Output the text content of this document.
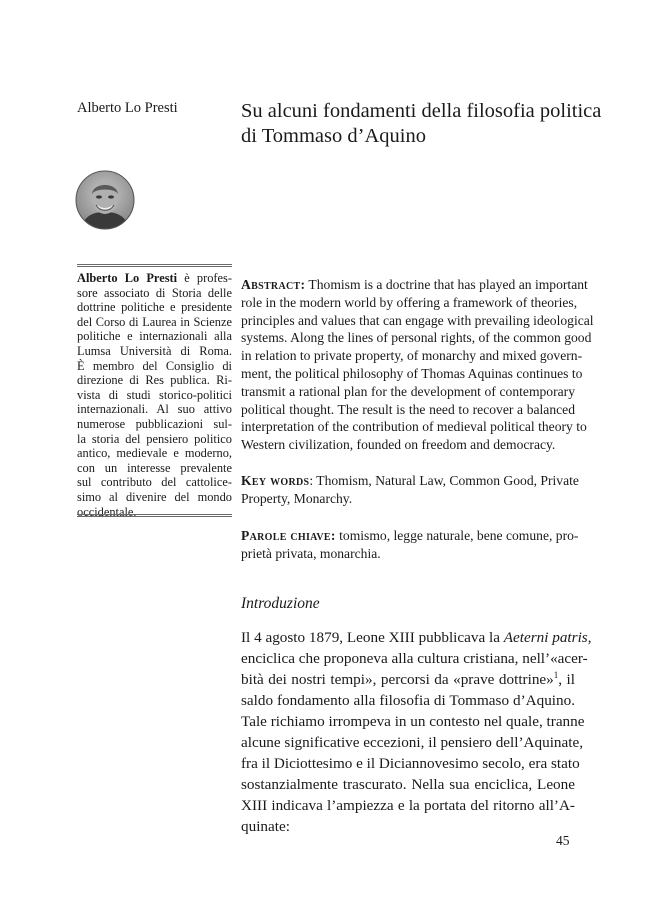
Alberto Lo Presti	Su alcuni fondamenti della filosofia politica
di Tommaso d’Aquino
Alberto Lo Presti è profes-
sore associato di Storia delle
dottrine politiche e presidente
del Corso di Laurea in Scienze
politiche e internazionali alla
Lumsa Università di Roma.
È membro del Consiglio di
direzione di Res publica. Ri-
vista di studi storico-politici
internazionali. Al suo attivo
numerose pubblicazioni sul-
la storia del pensiero politico
antico, medievale e moderno,
con un interesse prevalente
sul contributo del cattolice-
simo al divenire del mondo
occidentale.
Abstract: Thomism is a doctrine that has played an important
role in the modern world by offering a framework of theories,
principles and values that can engage with prevailing ideological
systems. Along the lines of personal rights, of the common good
in relation to private property, of monarchy and mixed govern-
ment, the political philosophy of Thomas Aquinas continues to
transmit a rational plan for the development of contemporary
political thought. The result is the need to recover a balanced
interpretation of the contribution of medieval political theory to
Western civilization, founded on freedom and democracy.
Key words: Thomism, Natural Law, Common Good, Private
Property, Monarchy.
Parole chiave: tomismo, legge naturale, bene comune, pro-
prietà privata, monarchia.
Introduzione
Il 4 agosto 1879, Leone XIII pubblicava la Aeterni patris,
enciclica che proponeva alla cultura cristiana, nell’«acer-
bità dei nostri tempi», percorsi da «prave dottrine»$^1$, il
saldo fondamento alla filosofia di Tommaso d’Aquino.
Tale richiamo irrompeva in un contesto nel quale, tranne
alcune significative eccezioni, il pensiero dell’Aquinate,
fra il Diciottesimo e il Diciannovesimo secolo, era stato
sostanzialmente trascurato. Nella sua enciclica, Leone
XIII indicava l’ampiezza e la portata del ritorno all’A-
quinate:
45
